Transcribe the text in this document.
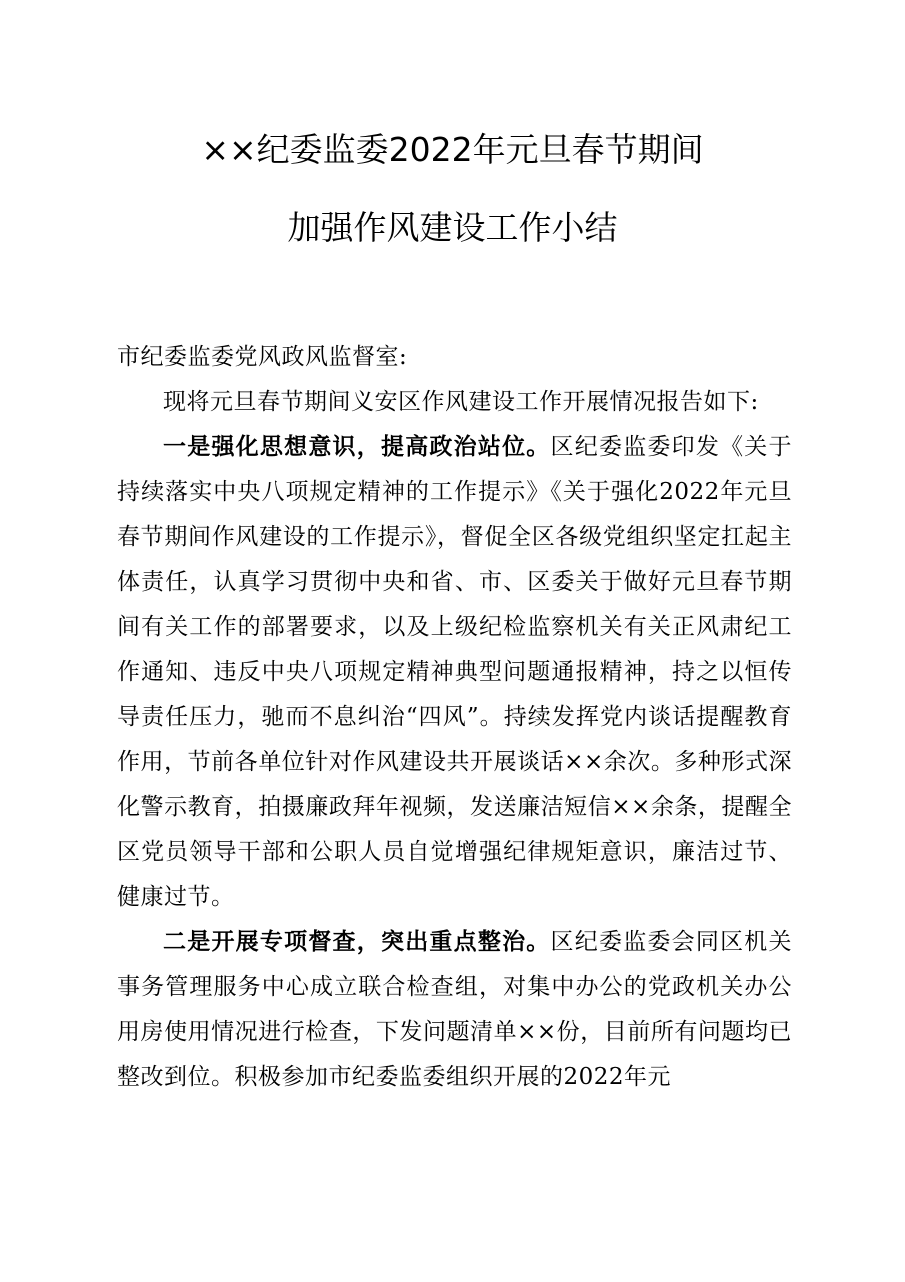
××纪委监委2022年元旦春节期间
加强作风建设工作小结

市纪委监委党风政风监督室:

现将元旦春节期间义安区作风建设工作开展情况报告如下:

一是强化思想意识，提高政治站位。区纪委监委印发《关于持续落实中央八项规定精神的工作提示》《关于强化2022年元旦春节期间作风建设的工作提示》，督促全区各级党组织坚定扛起主体责任，认真学习贯彻中央和省、市、区委关于做好元旦春节期间有关工作的部署要求，以及上级纪检监察机关有关正风肃纪工作通知、违反中央八项规定精神典型问题通报精神，持之以恒传导责任压力，驰而不息纠治“四风”。持续发挥党内谈话提醒教育作用，节前各单位针对作风建设共开展谈话××余次。多种形式深化警示教育，拍摄廉政拜年视频，发送廉洁短信××余条，提醒全区党员领导干部和公职人员自觉增强纪律规矩意识，廉洁过节、健康过节。

二是开展专项督查，突出重点整治。区纪委监委会同区机关事务管理服务中心成立联合检查组，对集中办公的党政机关办公用房使用情况进行检查，下发问题清单××份，目前所有问题均已整改到位。积极参加市纪委监委组织开展的2022年元
